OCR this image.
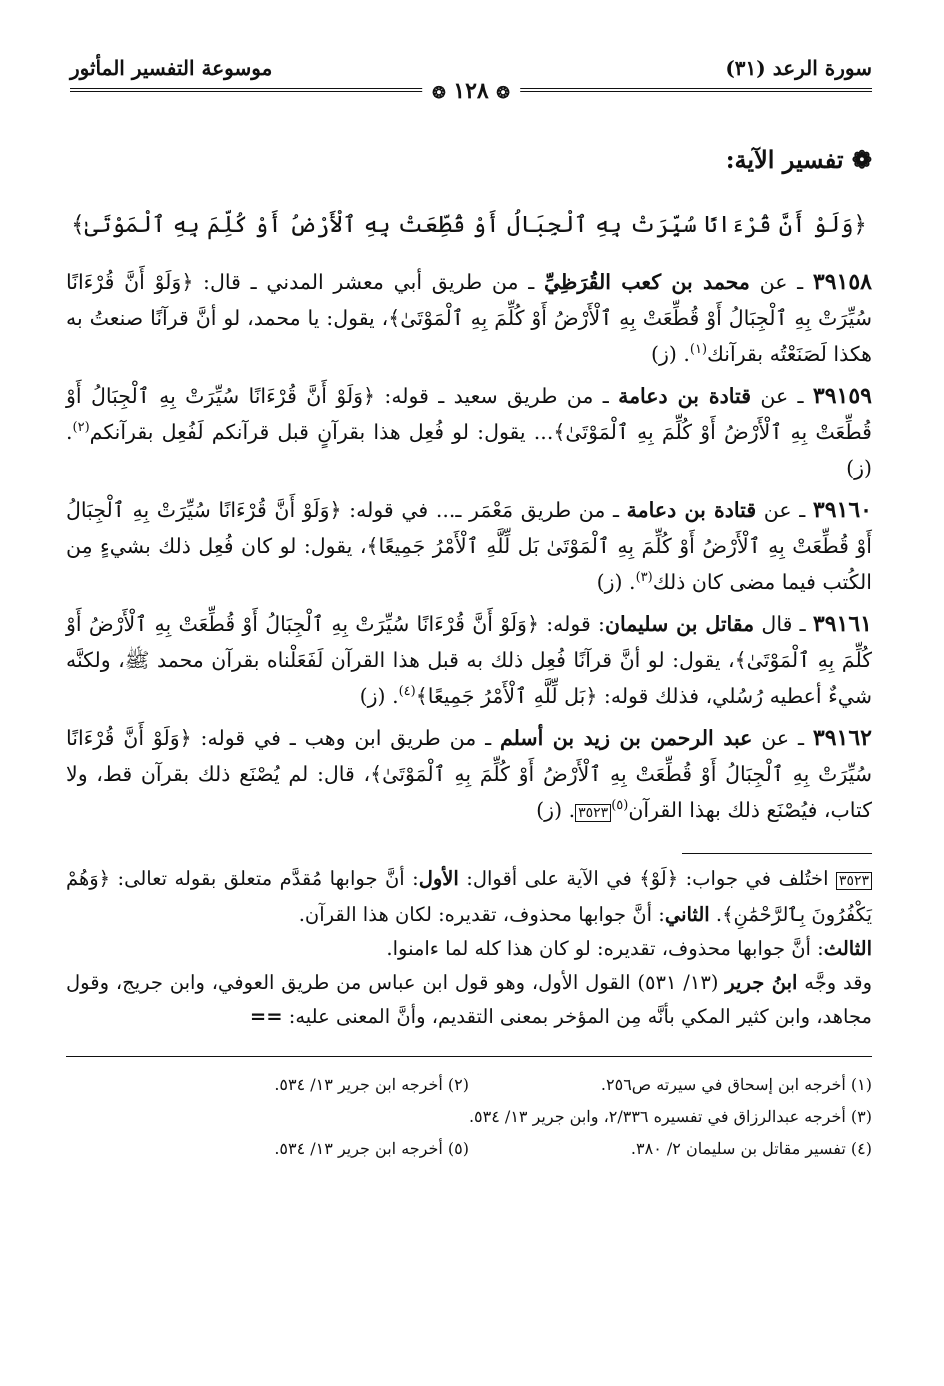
سورة الرعد (٣١)
موسوعة التفسير المأثور
❂ ١٢٨ ❂
❁ تفسير الآية:
﴿وَلَوْ أَنَّ قُرْءَانًا سُيِّرَتْ بِهِ ٱلْجِبَالُ أَوْ قُطِّعَتْ بِهِ ٱلْأَرْضُ أَوْ كُلِّمَ بِهِ ٱلْمَوْتَىٰ﴾

٣٩١٥٨ ـ عن محمد بن كعب القُرَظِيِّ ـ من طريق أبي معشر المدني ـ قال: ﴿وَلَوْ أَنَّ قُرْءَانًا سُيِّرَتْ بِهِ ٱلْجِبَالُ أَوْ قُطِّعَتْ بِهِ ٱلْأَرْضُ أَوْ كُلِّمَ بِهِ ٱلْمَوْتَىٰ﴾، يقول: يا محمد، لو أنَّ قرآنًا صنعتُ به هكذا لَصَنَعْتُه بقرآنك$^{(١)}$. (ز)

٣٩١٥٩ ـ عن قتادة بن دعامة ـ من طريق سعيد ـ قوله: ﴿وَلَوْ أَنَّ قُرْءَانًا سُيِّرَتْ بِهِ ٱلْجِبَالُ أَوْ قُطِّعَتْ بِهِ ٱلْأَرْضُ أَوْ كُلِّمَ بِهِ ٱلْمَوْتَىٰ﴾... يقول: لو فُعِل هذا بقرآنٍ قبل قرآنكم لَفُعِل بقرآنكم$^{(٢)}$. (ز)

٣٩١٦٠ ـ عن قتادة بن دعامة ـ من طريق مَعْمَر ـ... في قوله: ﴿وَلَوْ أَنَّ قُرْءَانًا سُيِّرَتْ بِهِ ٱلْجِبَالُ أَوْ قُطِّعَتْ بِهِ ٱلْأَرْضُ أَوْ كُلِّمَ بِهِ ٱلْمَوْتَىٰ بَل لِّلَّهِ ٱلْأَمْرُ جَمِيعًا﴾، يقول: لو كان فُعِل ذلك بشيءٍ مِن الكُتب فيما مضى كان ذلك$^{(٣)}$. (ز)

٣٩١٦١ ـ قال مقاتل بن سليمان: قوله: ﴿وَلَوْ أَنَّ قُرْءَانًا سُيِّرَتْ بِهِ ٱلْجِبَالُ أَوْ قُطِّعَتْ بِهِ ٱلْأَرْضُ أَوْ كُلِّمَ بِهِ ٱلْمَوْتَىٰ﴾، يقول: لو أنَّ قرآنًا فُعِل ذلك به قبل هذا القرآن لَفَعَلْناه بقرآن محمد ﷺ، ولكنَّه شيءٌ أعطيه رُسُلي، فذلك قوله: ﴿بَل لِّلَّهِ ٱلْأَمْرُ جَمِيعًا﴾$^{(٤)}$. (ز)

٣٩١٦٢ ـ عن عبد الرحمن بن زيد بن أسلم ـ من طريق ابن وهب ـ في قوله: ﴿وَلَوْ أَنَّ قُرْءَانًا سُيِّرَتْ بِهِ ٱلْجِبَالُ أَوْ قُطِّعَتْ بِهِ ٱلْأَرْضُ أَوْ كُلِّمَ بِهِ ٱلْمَوْتَىٰ﴾، قال: لم يُصْنَع ذلك بقرآن قط، ولا كتاب، فيُصْنَع ذلك بهذا القرآن$^{(٥)}$٣٥٢٣. (ز)

٣٥٢٣ اختُلف في جواب: ﴿لَوْ﴾ في الآية على أقوال: الأول: أنَّ جوابها مُقدَّم متعلق بقوله تعالى: ﴿وَهُمْ يَكْفُرُونَ بِٱلرَّحْمَٰنِ﴾. الثاني: أنَّ جوابها محذوف، تقديره: لكان هذا القرآن.

الثالث: أنَّ جوابها محذوف، تقديره: لو كان هذا كله لما ءامنوا.

وقد وجَّه ابنُ جرير (١٣/ ٥٣١) القول الأول، وهو قول ابن عباس من طريق العوفي، وابن جريج، وقول مجاهد، وابن كثير المكي بأنَّه مِن المؤخر بمعنى التقديم، وأنَّ المعنى عليه: ==

(١) أخرجه ابن إسحاق في سيرته ص٢٥٦.
(٢) أخرجه ابن جرير ١٣/ ٥٣٤.
(٣) أخرجه عبدالرزاق في تفسيره ٢/٣٣٦، وابن جرير ١٣/ ٥٣٤.
(٤) تفسير مقاتل بن سليمان ٢/ ٣٨٠.
(٥) أخرجه ابن جرير ١٣/ ٥٣٤.
